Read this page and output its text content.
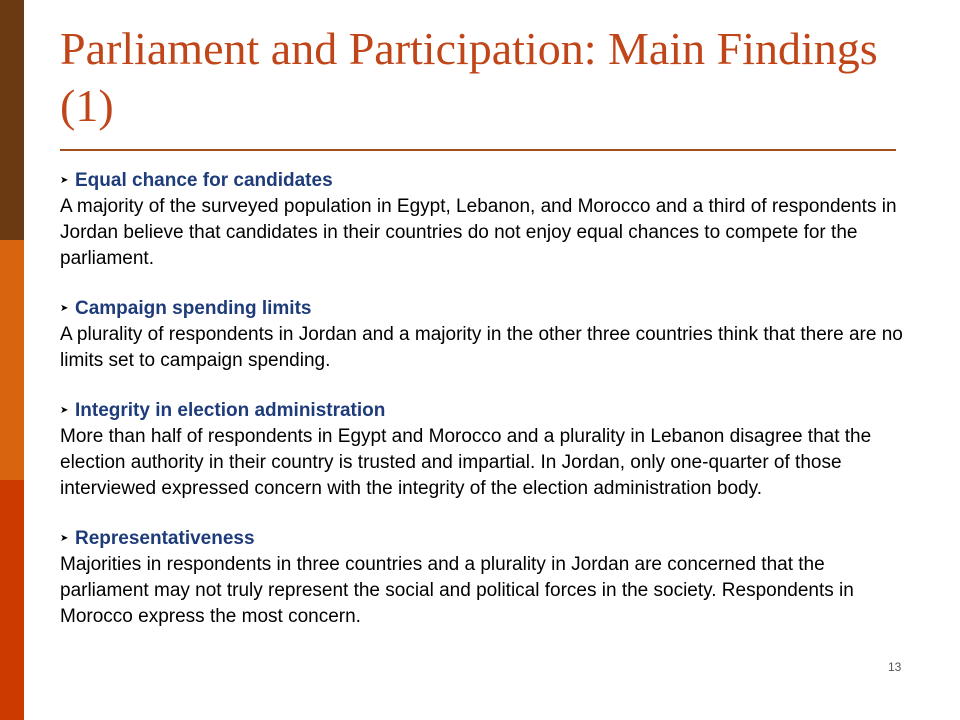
Parliament and Participation: Main Findings (1)
➤ Equal chance for candidates
A majority of the surveyed population in Egypt, Lebanon, and Morocco and a third of respondents in Jordan believe that candidates in their countries do not enjoy equal chances to compete for the parliament.
➤ Campaign spending limits
A plurality of respondents in Jordan and a majority in the other three countries think that there are no limits set to campaign spending.
➤ Integrity in election administration
More than half of respondents in Egypt and Morocco and a plurality in Lebanon disagree that the election authority in their country is trusted and impartial. In Jordan, only one-quarter of those interviewed expressed concern with the integrity of the election administration body.
➤ Representativeness
Majorities in respondents in three countries and a plurality in Jordan are concerned that the parliament may not truly represent the social and political forces in the society. Respondents in Morocco express the most concern.
13
